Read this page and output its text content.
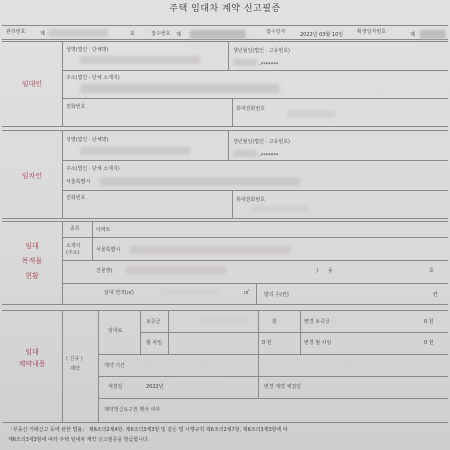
주택 임대차 계약 신고필증
관리번호	제	호	접수번호 제	접수일자	2022년 03월 10일	확정일자번호	제
임대인
성명(법인 · 단체명)	생년월일(법인 · 고유번호)
-*******
주소(법인 · 단체 소재지)
전화번호	휴대전화번호
임차인
성명(법인 · 단체명)	생년월일(법인 · 고유번호)
-*******
주소(법인 · 단체 소재지)
서울특별시
전화번호	휴대전화번호
임대
목적물
현황
종류	아파트
소재지
(주소)	서울특별시
건물명(	) 동	호
임대 면적(㎡)	㎡	방의 수(칸)	칸
임대
계약내용
( 신규 )
계약
임대료
보증금	원	변경 보증금	0 원
월 차임	0 원	변경 월 차임	0 원
계약 기간
체결일	2022년	변경 계약 체결일
계약갱신요구권 행사 여부
「부동산 거래신고 등에 관한 법률」 제6조의2제4항, 제6조의3제3항 및 같은 법 시행규칙 제6조의2제7항, 제6조의3제3항에 따
제6조의3제3항에 따라 주택 임대차 계약 신고필증을 발급합니다.
